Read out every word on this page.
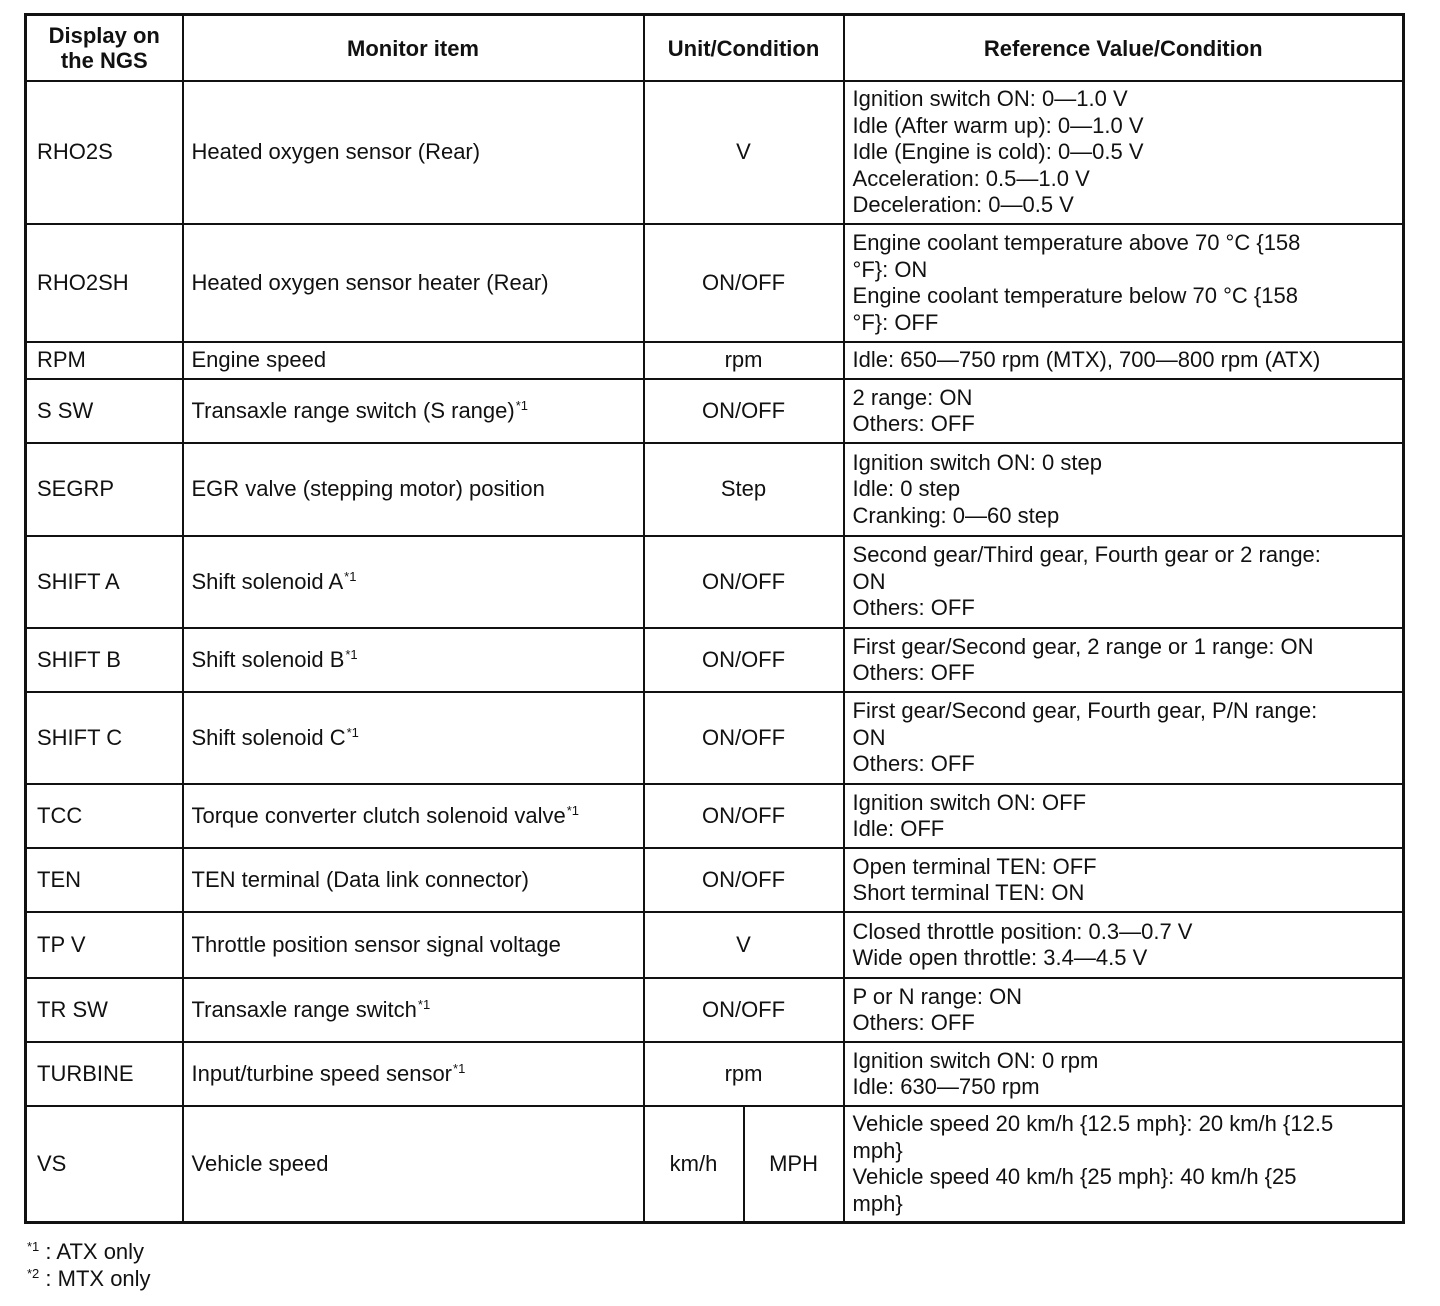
Display on the NGS	Monitor item	Unit/Condition		Reference Value/Condition
RHO2S	Heated oxygen sensor (Rear)	V		Ignition switch ON: 0—1.0 V
Idle (After warm up): 0—1.0 V
Idle (Engine is cold): 0—0.5 V
Acceleration: 0.5—1.0 V
Deceleration: 0—0.5 V

RHO2SH	Heated oxygen sensor heater (Rear)	ON/OFF		Engine coolant temperature above 70 °C {158
°F}: ON
Engine coolant temperature below 70 °C {158
°F}: OFF

RPM	Engine speed	rpm		Idle: 650—750 rpm (MTX), 700—800 rpm (ATX)

S SW	Transaxle range switch (S range)$^{*1}$	ON/OFF		2 range: ON
Others: OFF

SEGRP	EGR valve (stepping motor) position	Step		Ignition switch ON: 0 step
Idle: 0 step
Cranking: 0—60 step

SHIFT A	Shift solenoid $A^{*1}$	ON/OFF		Second gear/Third gear, Fourth gear or 2 range:
ON
Others: OFF

SHIFT B	Shift solenoid $B^{*1}$	ON/OFF		First gear/Second gear, 2 range or 1 range: ON
Others: OFF

SHIFT C	Shift solenoid $C^{*1}$	ON/OFF		First gear/Second gear, Fourth gear, P/N range:
ON
Others: OFF

TCC	Torque converter clutch solenoid valve$^{*1}$	ON/OFF		Ignition switch ON: OFF
Idle: OFF

TEN	TEN terminal (Data link connector)	ON/OFF		Open terminal TEN: OFF
Short terminal TEN: ON

TP V	Throttle position sensor signal voltage	V		Closed throttle position: 0.3—0.7 V
Wide open throttle: 3.4—4.5 V

TR SW	Transaxle range switch$^{*1}$	ON/OFF		P or N range: ON
Others: OFF

TURBINE	Input/turbine speed sensor$^{*1}$	rpm		Ignition switch ON: 0 rpm
Idle: 630—750 rpm

VS	Vehicle speed	km/h	MPH	Vehicle speed 20 km/h {12.5 mph}: 20 km/h {12.5
mph}
Vehicle speed 40 km/h {25 mph}: 40 km/h {25
mph}
$^{*1}$ : ATX only
$^{*2}$ : MTX only
